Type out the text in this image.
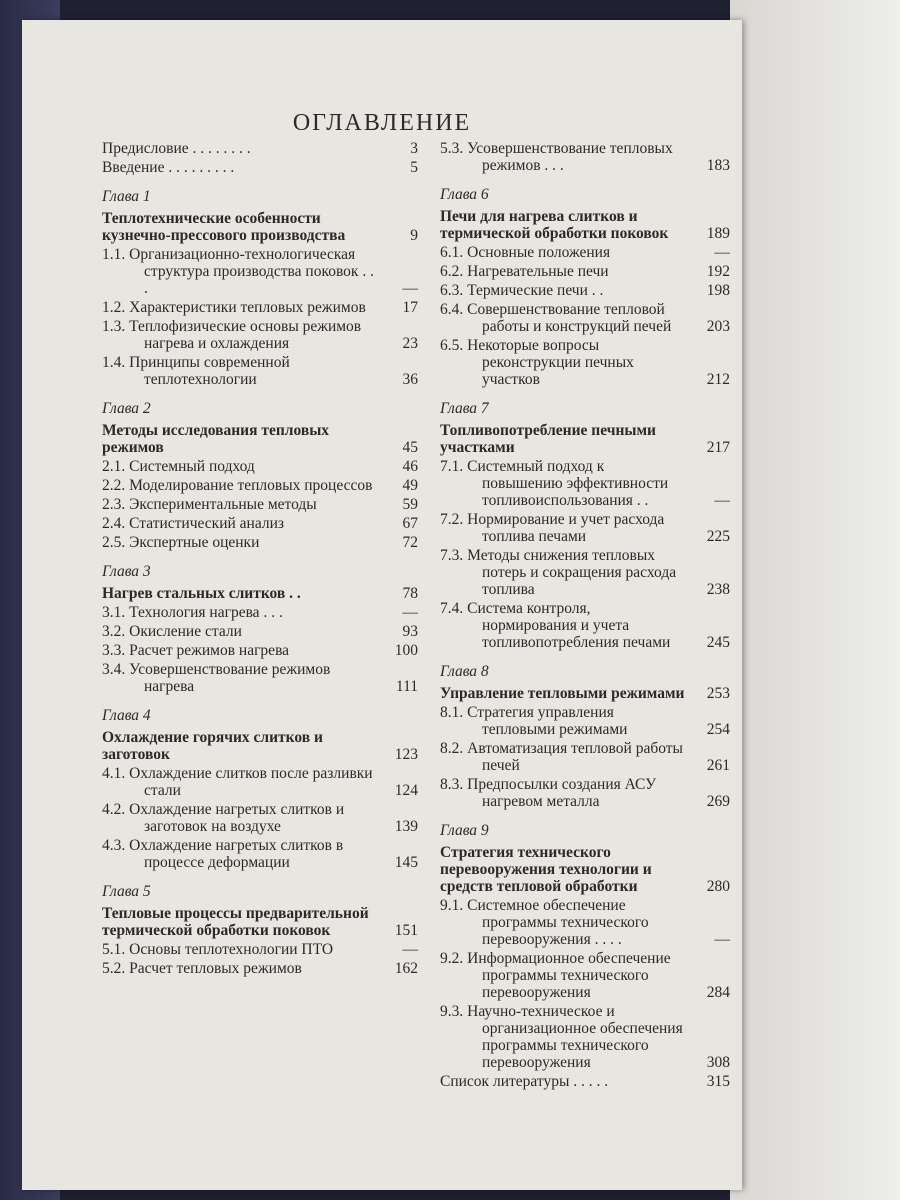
ОГЛАВЛЕНИЕ
Предисловие . . . . . . . .	3
Введение . . . . . . . . .	5
Глава 1
Теплотехнические особенности кузнечно-прессового производства	9
1.1. Организационно-технологическая структура производства поковок . . .	—
1.2. Характеристики тепловых режимов	17
1.3. Теплофизические основы режимов нагрева и охлаждения	23
1.4. Принципы современной теплотехнологии	36
Глава 2
Методы исследования тепловых режимов	45
2.1. Системный подход	46
2.2. Моделирование тепловых процессов	49
2.3. Экспериментальные методы	59
2.4. Статистический анализ	67
2.5. Экспертные оценки	72
Глава 3
Нагрев стальных слитков . .	78
3.1. Технология нагрева . . .	—
3.2. Окисление стали	93
3.3. Расчет режимов нагрева	100
3.4. Усовершенствование режимов нагрева	111
Глава 4
Охлаждение горячих слитков и заготовок	123
4.1. Охлаждение слитков после разливки стали	124
4.2. Охлаждение нагретых слитков и заготовок на воздухе	139
4.3. Охлаждение нагретых слитков в процессе деформации	145
Глава 5
Тепловые процессы предварительной термической обработки поковок	151
5.1. Основы теплотехнологии ПТО	—
5.2. Расчет тепловых режимов	162
5.3. Усовершенствование тепловых режимов . . .	183
Глава 6
Печи для нагрева слитков и термической обработки поковок	189
6.1. Основные положения	—
6.2. Нагревательные печи	192
6.3. Термические печи . .	198
6.4. Совершенствование тепловой работы и конструкций печей	203
6.5. Некоторые вопросы реконструкции печных участков	212
Глава 7
Топливопотребление печными участками	217
7.1. Системный подход к повышению эффективности топливоиспользования . .	—
7.2. Нормирование и учет расхода топлива печами	225
7.3. Методы снижения тепловых потерь и сокращения расхода топлива	238
7.4. Система контроля, нормирования и учета топливопотребления печами	245
Глава 8
Управление тепловыми режимами	253
8.1. Стратегия управления тепловыми режимами	254
8.2. Автоматизация тепловой работы печей	261
8.3. Предпосылки создания АСУ нагревом металла	269
Глава 9
Стратегия технического перевооружения технологии и средств тепловой обработки	280
9.1. Системное обеспечение программы технического перевооружения . . . .	—
9.2. Информационное обеспечение программы технического перевооружения	284
9.3. Научно-техническое и организационное обеспечения программы технического перевооружения	308
Список литературы . . . . .	315
